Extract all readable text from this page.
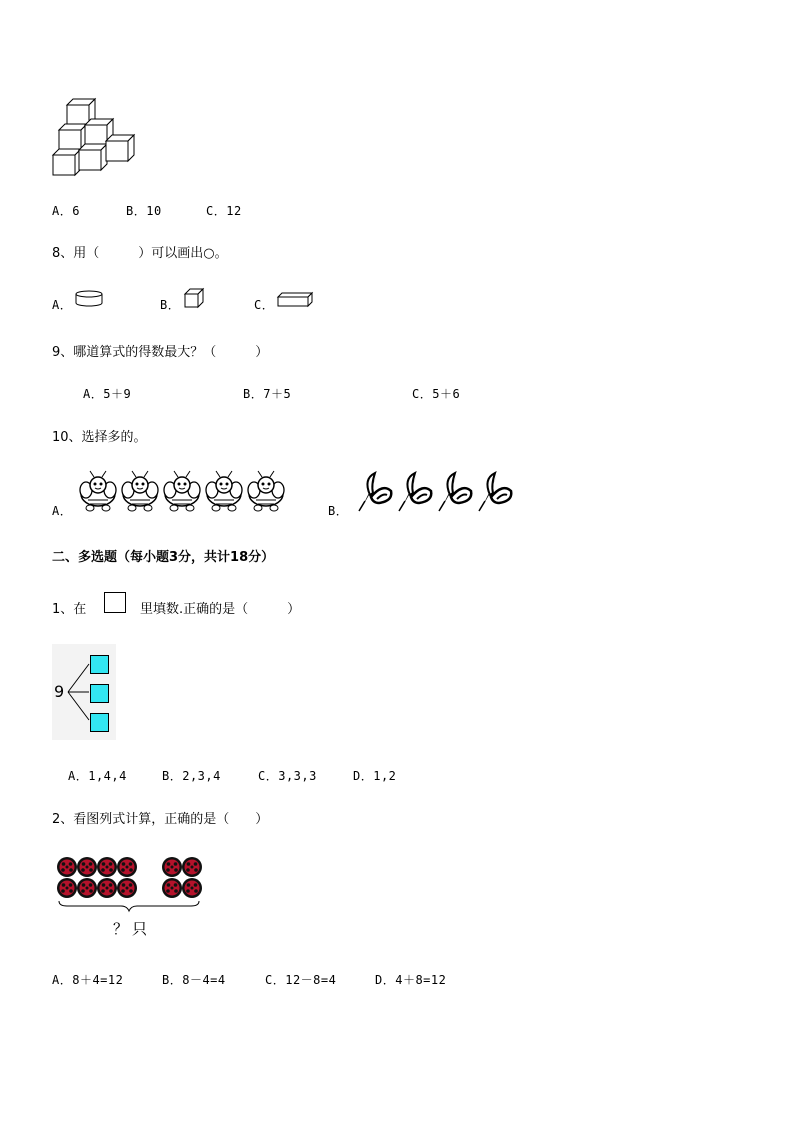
A．6	B．10	C．12
8、用（　　　）可以画出○。
A．	B．	C．
9、哪道算式的得数最大？（　　　）
A．5＋9	B．7＋5	C．5＋6
10、选择多的。
A．	B．
二、多选题（每小题3分，共计18分）
1、在	里填数.正确的是（　　　）
9
A．1,4,4	B．2,3,4	C．3,3,3	D．1,2
2、看图列式计算，正确的是（　　）
？只
A．8＋4=12	B．8－4=4	C．12－8=4	D．4＋8=12
